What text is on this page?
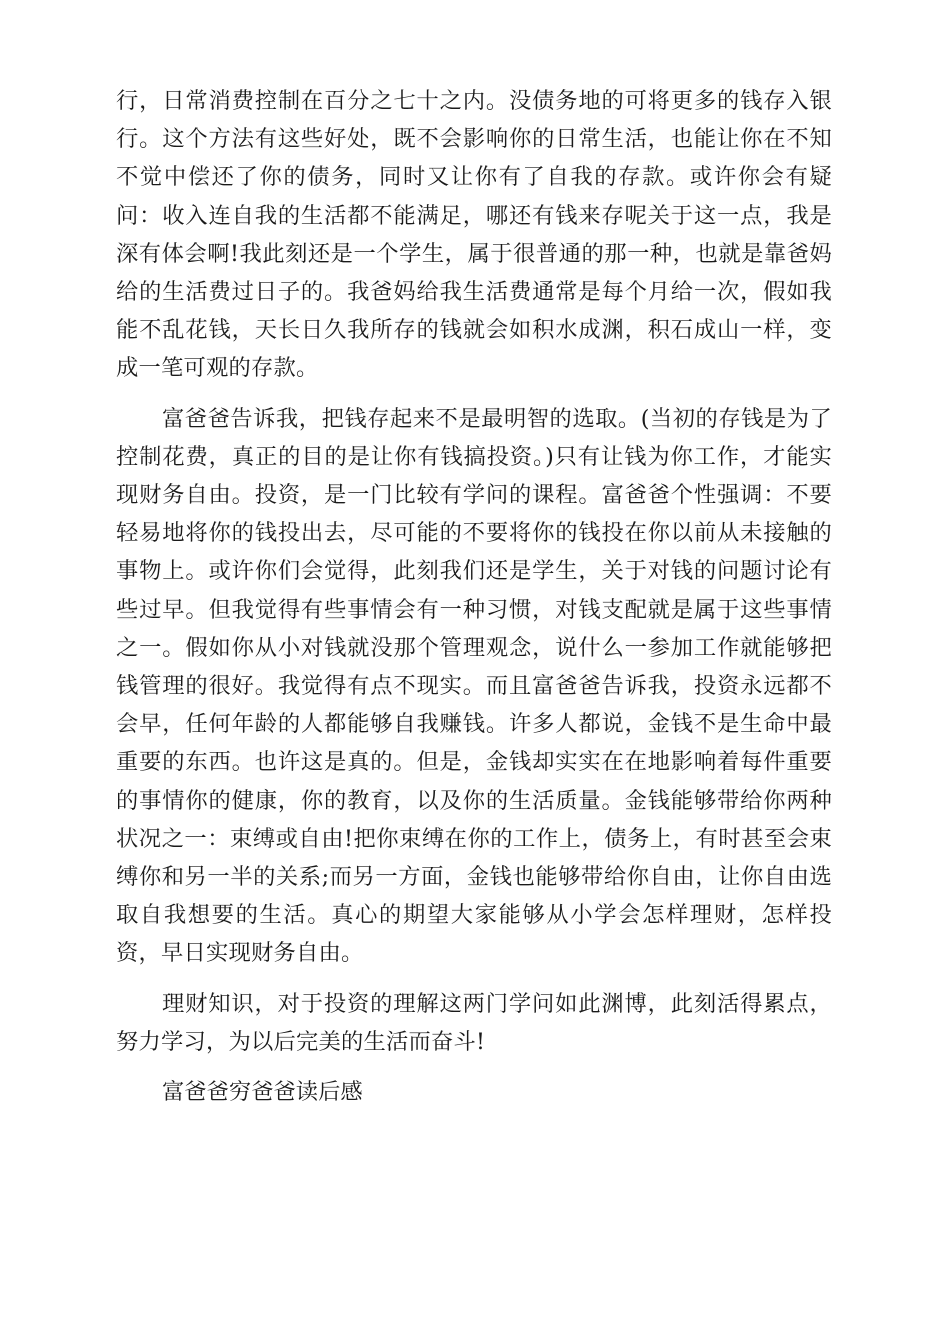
行，日常消费控制在百分之七十之内。没债务地的可将更多的钱存入银行。这个方法有这些好处，既不会影响你的日常生活，也能让你在不知不觉中偿还了你的债务，同时又让你有了自我的存款。或许你会有疑问：收入连自我的生活都不能满足，哪还有钱来存呢关于这一点，我是深有体会啊!我此刻还是一个学生，属于很普通的那一种，也就是靠爸妈给的生活费过日子的。我爸妈给我生活费通常是每个月给一次，假如我能不乱花钱，天长日久我所存的钱就会如积水成渊，积石成山一样，变成一笔可观的存款。

富爸爸告诉我，把钱存起来不是最明智的选取。(当初的存钱是为了控制花费，真正的目的是让你有钱搞投资。)只有让钱为你工作，才能实现财务自由。投资，是一门比较有学问的课程。富爸爸个性强调：不要轻易地将你的钱投出去，尽可能的不要将你的钱投在你以前从未接触的事物上。或许你们会觉得，此刻我们还是学生，关于对钱的问题讨论有些过早。但我觉得有些事情会有一种习惯，对钱支配就是属于这些事情之一。假如你从小对钱就没那个管理观念，说什么一参加工作就能够把钱管理的很好。我觉得有点不现实。而且富爸爸告诉我，投资永远都不会早，任何年龄的人都能够自我赚钱。许多人都说，金钱不是生命中最重要的东西。也许这是真的。但是，金钱却实实在在地影响着每件重要的事情你的健康，你的教育，以及你的生活质量。金钱能够带给你两种状况之一：束缚或自由!把你束缚在你的工作上，债务上，有时甚至会束缚你和另一半的关系;而另一方面，金钱也能够带给你自由，让你自由选取自我想要的生活。真心的期望大家能够从小学会怎样理财，怎样投资，早日实现财务自由。

理财知识，对于投资的理解这两门学问如此渊博，此刻活得累点，努力学习，为以后完美的生活而奋斗!

富爸爸穷爸爸读后感
